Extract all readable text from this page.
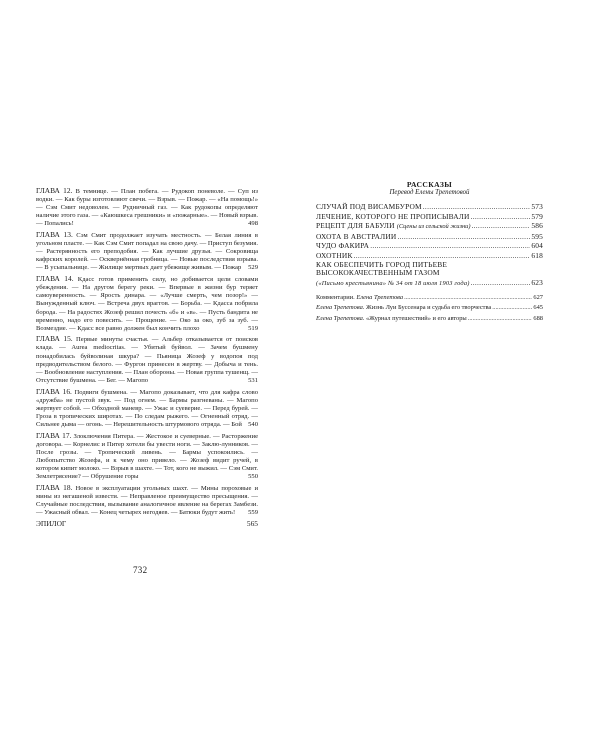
ГЛАВА 12. В темнице. — План побега. — Рудокоп поневоле. — Суп из водки. — Как буры изготовляют свечи. — Взрыв. — Пожар. — «На помощь!» — Сэм Смит недоволен. — Рудничный газ. — Как рудокопы определяют наличие этого газа. — «Каюшкеса грешники» и «пожарные». — Новый взрыв. — Попались!	498
ГЛАВА 13. Сэм Смит продолжает изучать местность. — Белая линия в угольном пласте. — Как Сэм Смит попадал на свою дачу. — Приступ безумия. — Растерянность его преподобия. — Как лучшие друзья. — Сокровища кафрских королей. — Осквернённая гробница. — Новые последствия взрыва. — В усыпальнице. — Жилище мертвых дает убежище живым. — Пожар 529
ГЛАВА 14. Кдасс готов применить силу, но добивается цели словами убеждения. — На другом берегу реки. — Впервые в жизни бур теряет самоуверенность. — Ярость динара. — «Лучше смерть, чем позор!» — Вынужденный ключ. — Встреча двух враггов. — Борьба. — Кдасса побрила борода. — На радостях Жозеф решил почесть «б» и «в». — Пусть бандита не временно, надо его повесить. — Прощение. — Око за око, зуб за зуб. — Возмездие. — Кдасс все равно должен был кончить плохо	519
ГЛАВА 15. Первые минуты счастья. — Альбер отказывается от поисков клада. — Aurea mediocritas. — Убитый буйвол. — Зачем бушмену понадобилась буйволиная шкура? — Пьяница Жозеф у водопоя под предводительством белого. — Фургон принесен в жертву. — Добыча и тень. — Вообновление наступления. — План обороны. — Новая группа тушенщ. — Отсутствие бушмена. — Бег. — Магопо	531
ГЛАВА 16. Подвиги бушмена. — Магопо доказывает, что для кафра слово «дружба» не пустой звук. — Под огнем. — Бармы разгневаны. — Магопо жертвует собой. — Обходной маневр. — Ужас и суеверие. — Перед бурей. — Гроза в тропических широтах. — По следам рыжего. — Огненный отряд. — Сильнее дыма — огонь. — Нерешительность штурмового отряда. — Бой 540
ГЛАВА 17. Злоключения Питера. — Жестокое и суеверные. — Расторжение договора. — Корнелис и Питер хотели бы увести ноги. — Заклю-лунников. — После грозы. — Тропический ливень. — Бармы успокоились. — Любопытство Жозефа, и к чему оно привело. — Жозеф видит ручей, в котором кипит молоко. — Взрыв в шахте. — Тот, кого не выжил. — Сэм Смит. Землетрясение? — Обрушение горы	550
ГЛАВА 18. Новое в эксплуатации угольных шахт. — Мины пороховые и мины из негашеной извести. — Неправленое преимущество пресыщения. — Случайные последствия, вызывание аналогичное явление на берегах Замбези. — Ужасный обвал. — Конец четырех негодяев. — Батюки будут жить! 559
ЭПИЛОГ	565
732
РАССКАЗЫ
Перевод Елены Трепетовой
СЛУЧАЙ ПОД ВИСАМБУРОМ .....	573
ЛЕЧЕНИЕ, КОТОРОГО НЕ ПРОПИСЫВАЛИ .....	579
РЕЦЕПТ ДЛЯ БАБУЛИ (Сцены из сельской жизни) .....	586
ОХОТА В АВСТРАЛИИ .....	595
ЧУДО ФАКИРА .....	604
ОХОТНИК .....	618
КАК ОБЕСПЕЧИТЬ ГОРОД ПИТЬЕВЕ
ВЫСОКОКАЧЕСТВЕННЫМ ГАЗОМ
(«Письмо крестьянина» № 34 от 18 июля 1903 года) .....	623
Комментарии. Елена Трепетова .....	627
Елена Трепетова. Жизнь Луи Буссенара и судьба его творчества .....	645
Елена Трепетова. «Журнал путешествий» и его авторы .....	688
